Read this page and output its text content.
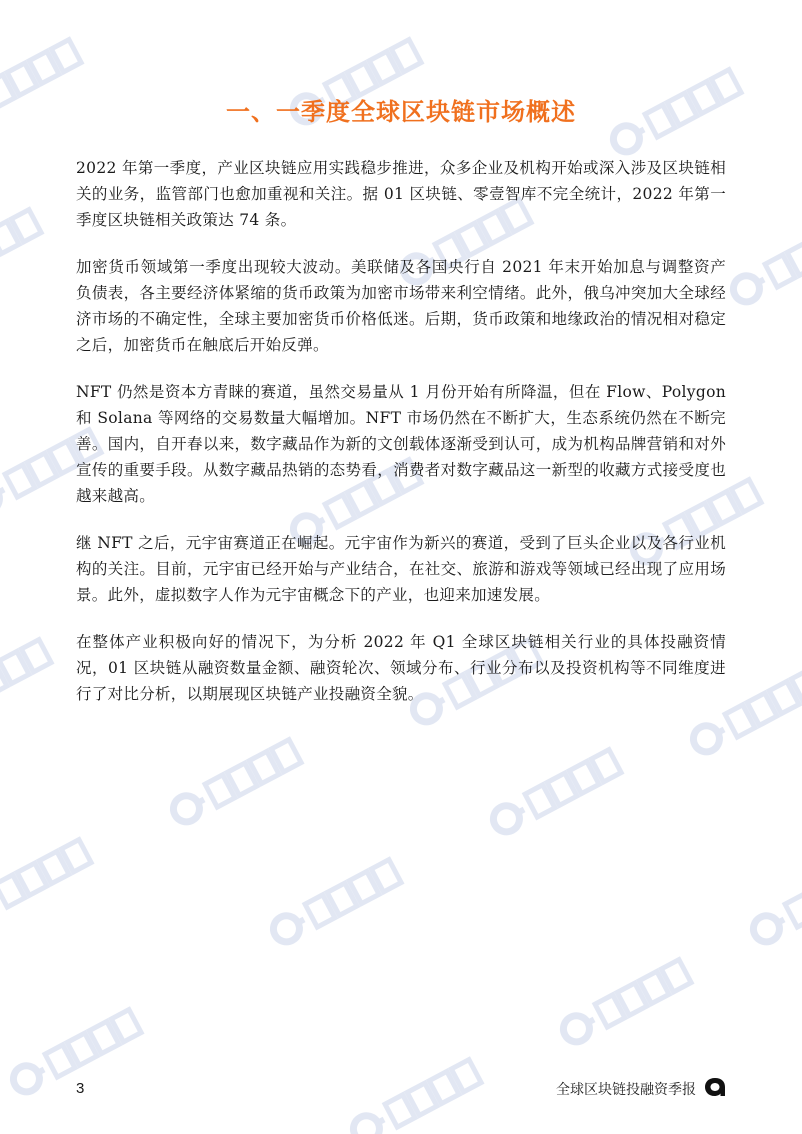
一、一季度全球区块链市场概述

2022 年第一季度，产业区块链应用实践稳步推进，众多企业及机构开始或深入涉及区块链相关的业务，监管部门也愈加重视和关注。据 01 区块链、零壹智库不完全统计，2022 年第一季度区块链相关政策达 74 条。

加密货币领域第一季度出现较大波动。美联储及各国央行自 2021 年末开始加息与调整资产负债表，各主要经济体紧缩的货币政策为加密市场带来利空情绪。此外，俄乌冲突加大全球经济市场的不确定性，全球主要加密货币价格低迷。后期，货币政策和地缘政治的情况相对稳定之后，加密货币在触底后开始反弹。

NFT 仍然是资本方青睐的赛道，虽然交易量从 1 月份开始有所降温，但在 Flow、Polygon 和 Solana 等网络的交易数量大幅增加。NFT 市场仍然在不断扩大，生态系统仍然在不断完善。国内，自开春以来，数字藏品作为新的文创载体逐渐受到认可，成为机构品牌营销和对外宣传的重要手段。从数字藏品热销的态势看，消费者对数字藏品这一新型的收藏方式接受度也越来越高。

继 NFT 之后，元宇宙赛道正在崛起。元宇宙作为新兴的赛道，受到了巨头企业以及各行业机构的关注。目前，元宇宙已经开始与产业结合，在社交、旅游和游戏等领域已经出现了应用场景。此外，虚拟数字人作为元宇宙概念下的产业，也迎来加速发展。

在整体产业积极向好的情况下，为分析 2022 年 Q1 全球区块链相关行业的具体投融资情况，01 区块链从融资数量金额、融资轮次、领域分布、行业分布以及投资机构等不同维度进行了对比分析，以期展现区块链产业投融资全貌。

3	全球区块链投融资季报
